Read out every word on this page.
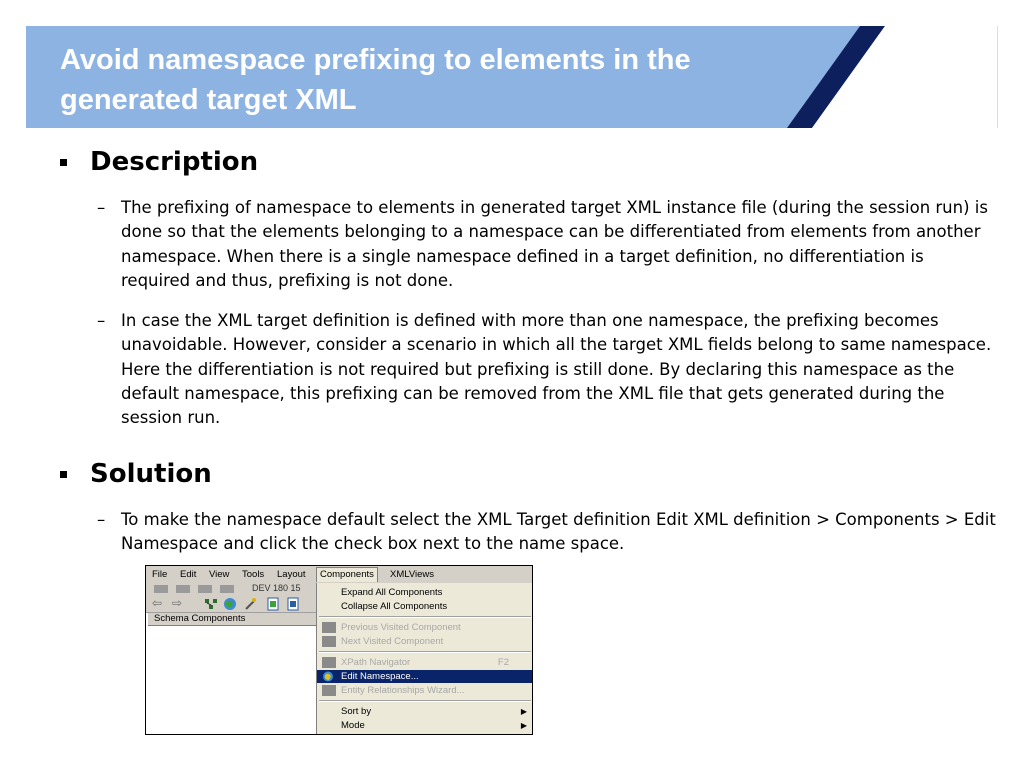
Avoid namespace prefixing to elements in the generated target XML
Description
– The prefixing of namespace to elements in generated target XML instance file (during the session run) is done so that the elements belonging to a namespace can be differentiated from elements from another namespace. When there is a single namespace defined in a target definition, no differentiation is required and thus, prefixing is not done.
– In case the XML target definition is defined with more than one namespace, the prefixing becomes unavoidable. However, consider a scenario in which all the target XML fields belong to same namespace. Here the differentiation is not required but prefixing is still done. By declaring this namespace as the default namespace, this prefixing can be removed from the XML file that gets generated during the session run.
Solution
– To make the namespace default select the XML Target definition Edit XML definition > Components > Edit Namespace and click the check box next to the name space.
File Edit View Tools Layout	Components	XMLViews
DEV 180 15
⇦ ⇨
Schema Components
Expand All Components
Collapse All Components
Previous Visited Component
Next Visited Component
XPath Navigator	F2
Edit Namespace...
Entity Relationships Wizard...
Sort by	▶
Mode	▶
